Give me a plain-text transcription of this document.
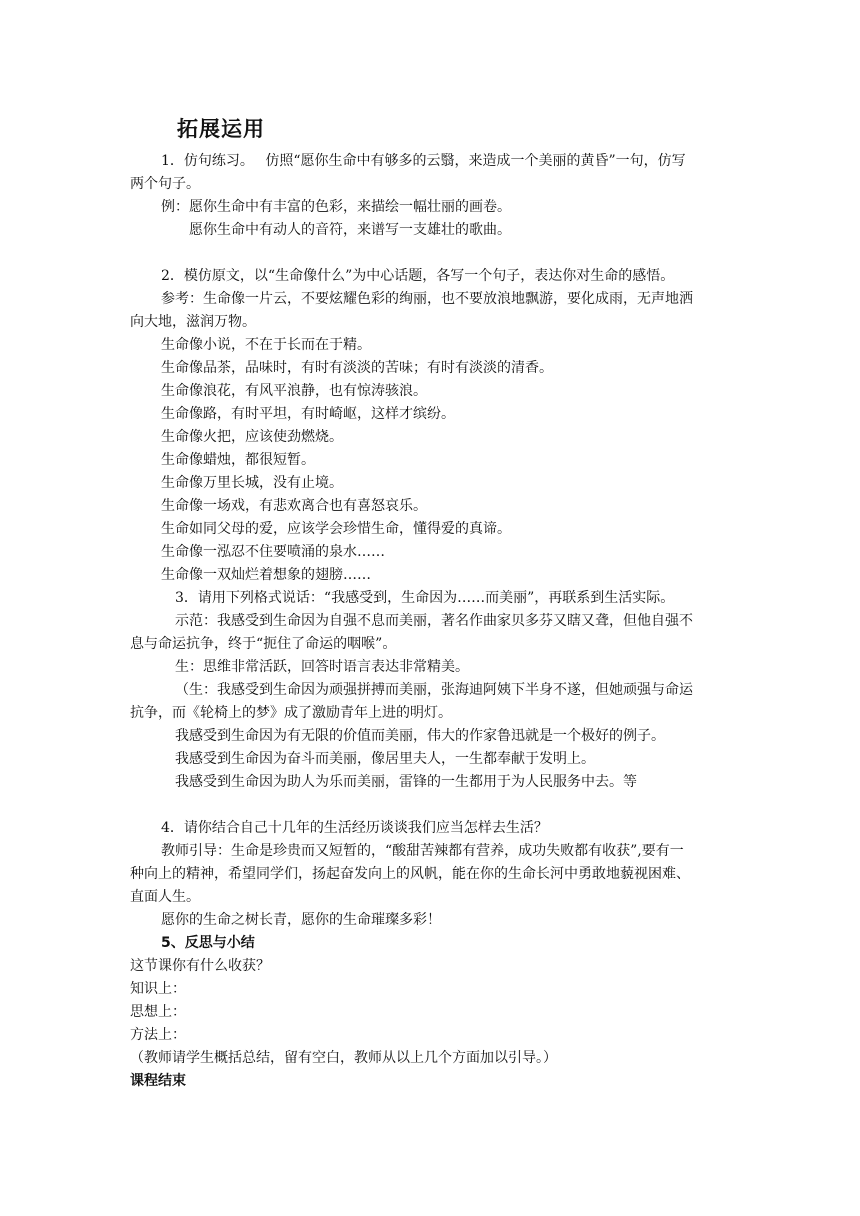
拓展运用
1．仿句练习。　 仿照“愿你生命中有够多的云翳，来造成一个美丽的黄昏”一句，仿写
两个句子。
例：愿你生命中有丰富的色彩，来描绘一幅壮丽的画卷。
愿你生命中有动人的音符，来谱写一支雄壮的歌曲。
2．模仿原文，以“生命像什么”为中心话题，各写一个句子，表达你对生命的感悟。
参考：生命像一片云，不要炫耀色彩的绚丽，也不要放浪地飘游，要化成雨，无声地洒
向大地，滋润万物。
生命像小说，不在于长而在于精。
生命像品茶，品味时，有时有淡淡的苦味；有时有淡淡的清香。
生命像浪花，有风平浪静，也有惊涛骇浪。
生命像路，有时平坦，有时崎岖，这样才缤纷。
生命像火把，应该使劲燃烧。
生命像蜡烛，都很短暂。
生命像万里长城，没有止境。
生命像一场戏，有悲欢离合也有喜怒哀乐。
生命如同父母的爱，应该学会珍惜生命，懂得爱的真谛。
生命像一泓忍不住要喷涌的泉水……
生命像一双灿烂着想象的翅膀……
3．请用下列格式说话：“我感受到，生命因为……而美丽”，再联系到生活实际。
示范：我感受到生命因为自强不息而美丽，著名作曲家贝多芬又瞎又聋，但他自强不
息与命运抗争，终于“扼住了命运的咽喉”。
生：思维非常活跃，回答时语言表达非常精美。
（生：我感受到生命因为顽强拼搏而美丽，张海迪阿姨下半身不遂，但她顽强与命运
抗争，而《轮椅上的梦》成了激励青年上进的明灯。
我感受到生命因为有无限的价值而美丽，伟大的作家鲁迅就是一个极好的例子。
我感受到生命因为奋斗而美丽，像居里夫人，一生都奉献于发明上。
我感受到生命因为助人为乐而美丽，雷锋的一生都用于为人民服务中去。等
4．请你结合自己十几年的生活经历谈谈我们应当怎样去生活？
教师引导：生命是珍贵而又短暂的，“酸甜苦辣都有营养，成功失败都有收获”,要有一
种向上的精神，希望同学们，扬起奋发向上的风帆，能在你的生命长河中勇敢地藐视困难、
直面人生。
愿你的生命之树长青，愿你的生命璀璨多彩！
5、反思与小结
这节课你有什么收获？
知识上：
思想上：
方法上：
（教师请学生概括总结，留有空白，教师从以上几个方面加以引导。）
课程结束
